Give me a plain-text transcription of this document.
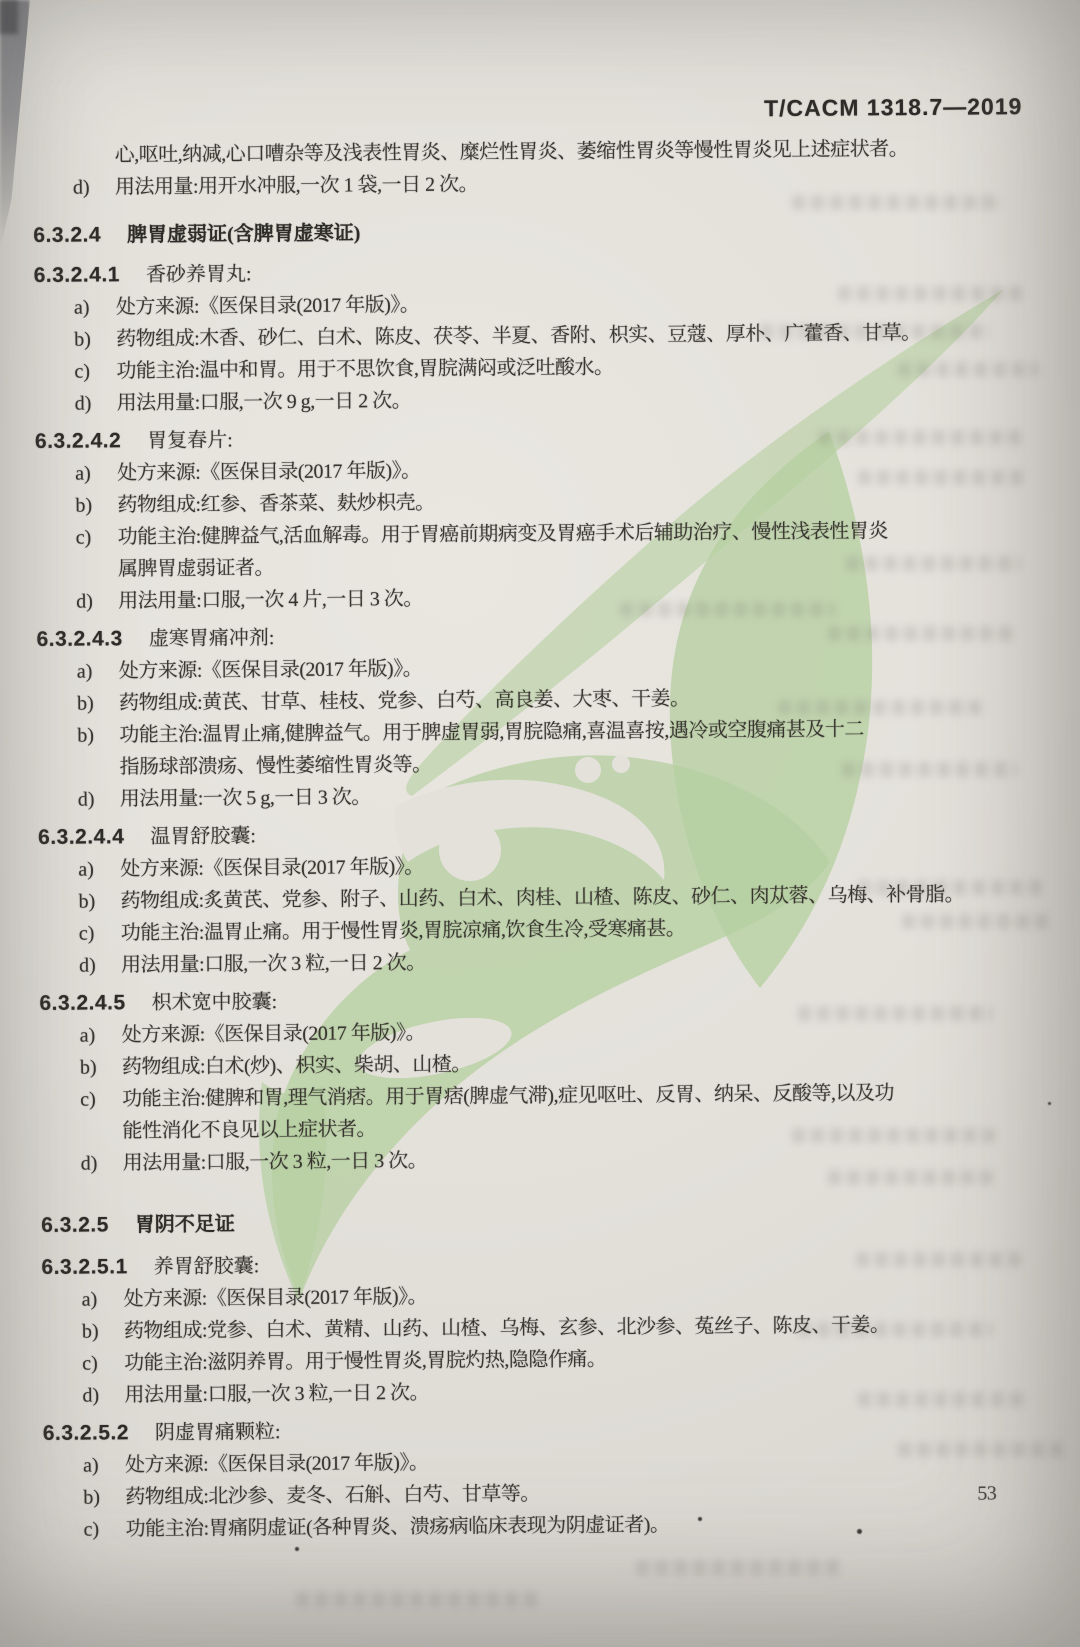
T/CACM 1318.7—2019
心,呕吐,纳减,心口嘈杂等及浅表性胃炎、糜烂性胃炎、萎缩性胃炎等慢性胃炎见上述症状者。
d) 用法用量:用开水冲服,一次 1 袋,一日 2 次。
6.3.2.4 脾胃虚弱证(含脾胃虚寒证)
6.3.2.4.1 香砂养胃丸:
a) 处方来源:《医保目录(2017 年版)》。
b) 药物组成:木香、砂仁、白术、陈皮、茯苓、半夏、香附、枳实、豆蔻、厚朴、广藿香、甘草。
c) 功能主治:温中和胃。用于不思饮食,胃脘满闷或泛吐酸水。
d) 用法用量:口服,一次 9 g,一日 2 次。
6.3.2.4.2 胃复春片:
a) 处方来源:《医保目录(2017 年版)》。
b) 药物组成:红参、香茶菜、麸炒枳壳。
c) 功能主治:健脾益气,活血解毒。用于胃癌前期病变及胃癌手术后辅助治疗、慢性浅表性胃炎
属脾胃虚弱证者。
d) 用法用量:口服,一次 4 片,一日 3 次。
6.3.2.4.3 虚寒胃痛冲剂:
a) 处方来源:《医保目录(2017 年版)》。
b) 药物组成:黄芪、甘草、桂枝、党参、白芍、高良姜、大枣、干姜。
b) 功能主治:温胃止痛,健脾益气。用于脾虚胃弱,胃脘隐痛,喜温喜按,遇冷或空腹痛甚及十二
指肠球部溃疡、慢性萎缩性胃炎等。
d) 用法用量:一次 5 g,一日 3 次。
6.3.2.4.4 温胃舒胶囊:
a) 处方来源:《医保目录(2017 年版)》。
b) 药物组成:炙黄芪、党参、附子、山药、白术、肉桂、山楂、陈皮、砂仁、肉苁蓉、乌梅、补骨脂。
c) 功能主治:温胃止痛。用于慢性胃炎,胃脘凉痛,饮食生冷,受寒痛甚。
d) 用法用量:口服,一次 3 粒,一日 2 次。
6.3.2.4.5 枳术宽中胶囊:
a) 处方来源:《医保目录(2017 年版)》。
b) 药物组成:白术(炒)、枳实、柴胡、山楂。
c) 功能主治:健脾和胃,理气消痞。用于胃痞(脾虚气滞),症见呕吐、反胃、纳呆、反酸等,以及功
能性消化不良见以上症状者。
d) 用法用量:口服,一次 3 粒,一日 3 次。
6.3.2.5 胃阴不足证
6.3.2.5.1 养胃舒胶囊:
a) 处方来源:《医保目录(2017 年版)》。
b) 药物组成:党参、白术、黄精、山药、山楂、乌梅、玄参、北沙参、菟丝子、陈皮、干姜。
c) 功能主治:滋阴养胃。用于慢性胃炎,胃脘灼热,隐隐作痛。
d) 用法用量:口服,一次 3 粒,一日 2 次。
6.3.2.5.2 阴虚胃痛颗粒:
a) 处方来源:《医保目录(2017 年版)》。
b) 药物组成:北沙参、麦冬、石斛、白芍、甘草等。
c) 功能主治:胃痛阴虚证(各种胃炎、溃疡病临床表现为阴虚证者)。
53
